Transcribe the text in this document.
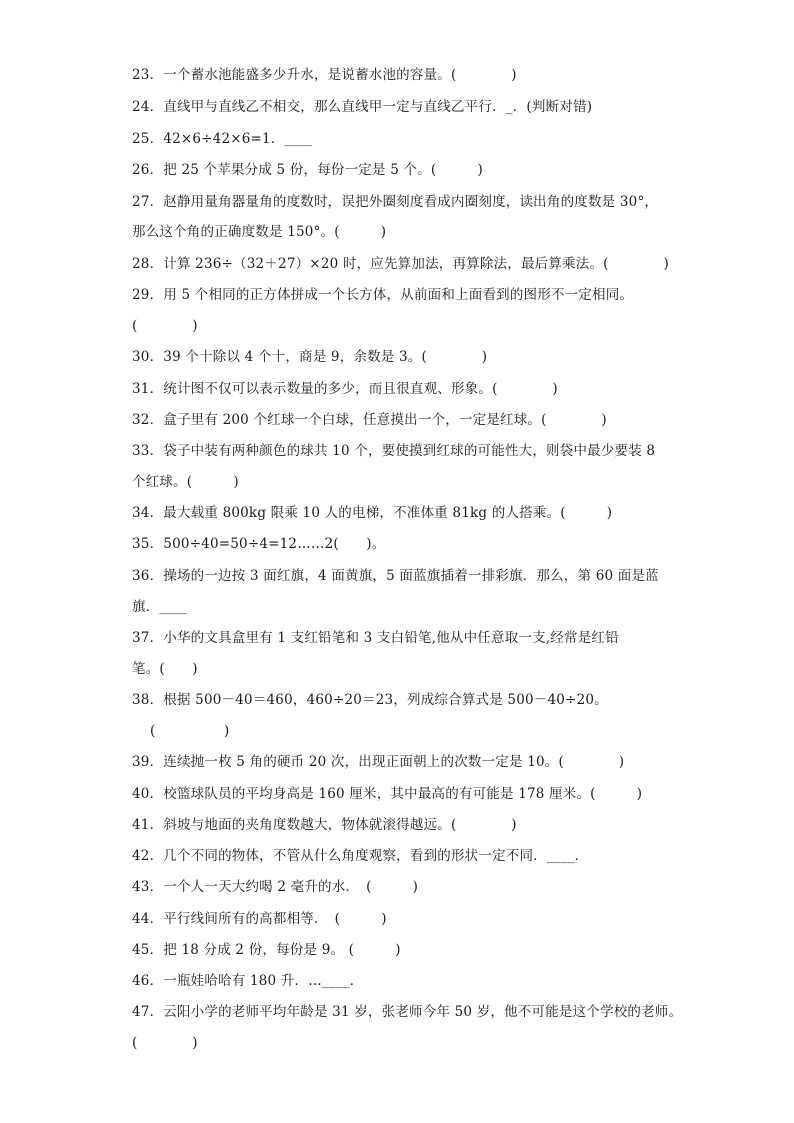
23．一个蓄水池能盛多少升水，是说蓄水池的容量。(　　　　)
24．直线甲与直线乙不相交，那么直线甲一定与直线乙平行．_．(判断对错)
25．42×6÷42×6=1．____
26．把 25 个苹果分成 5 份，每份一定是 5 个。(　　　)
27．赵静用量角器量角的度数时，误把外圈刻度看成内圈刻度，读出角的度数是 30°，
那么这个角的正确度数是 150°。(　　　)
28．计算 236÷（32＋27）×20 时，应先算加法，再算除法，最后算乘法。(　　　　)
29．用 5 个相同的正方体拼成一个长方体，从前面和上面看到的图形不一定相同。
(　　　　)
30．39 个十除以 4 个十，商是 9，余数是 3。(　　　　)
31．统计图不仅可以表示数量的多少，而且很直观、形象。(　　　　)
32．盒子里有 200 个红球一个白球，任意摸出一个，一定是红球。(　　　　)
33．袋子中装有两种颜色的球共 10 个，要使摸到红球的可能性大，则袋中最少要装 8
个红球。(　　　)
34．最大载重 800kg 限乘 10 人的电梯，不准体重 81kg 的人搭乘。(　　　)
35．500÷40=50÷4=12……2(　　)。
36．操场的一边按 3 面红旗，4 面黄旗，5 面蓝旗插着一排彩旗．那么，第 60 面是蓝
旗．____
37．小华的文具盒里有 1 支红铅笔和 3 支白铅笔,他从中任意取一支,经常是红铅
笔。(　　)
38．根据 500－40＝460，460÷20＝23，列成综合算式是 500－40÷20。
(　　　　　)
39．连续抛一枚 5 角的硬币 20 次，出现正面朝上的次数一定是 10。(　　　　)
40．校篮球队员的平均身高是 160 厘米，其中最高的有可能是 178 厘米。(　　　)
41．斜坡与地面的夹角度数越大，物体就滚得越远。(　　　　)
42．几个不同的物体，不管从什么角度观察，看到的形状一定不同．____．
43．一个人一天大约喝 2 毫升的水．　(　　　)
44．平行线间所有的高都相等．　(　　　)
45．把 18 分成 2 份，每份是 9。 (　　　)
46．一瓶娃哈哈有 180 升．…____．
47．云阳小学的老师平均年龄是 31 岁，张老师今年 50 岁，他不可能是这个学校的老师。
(　　　　)
